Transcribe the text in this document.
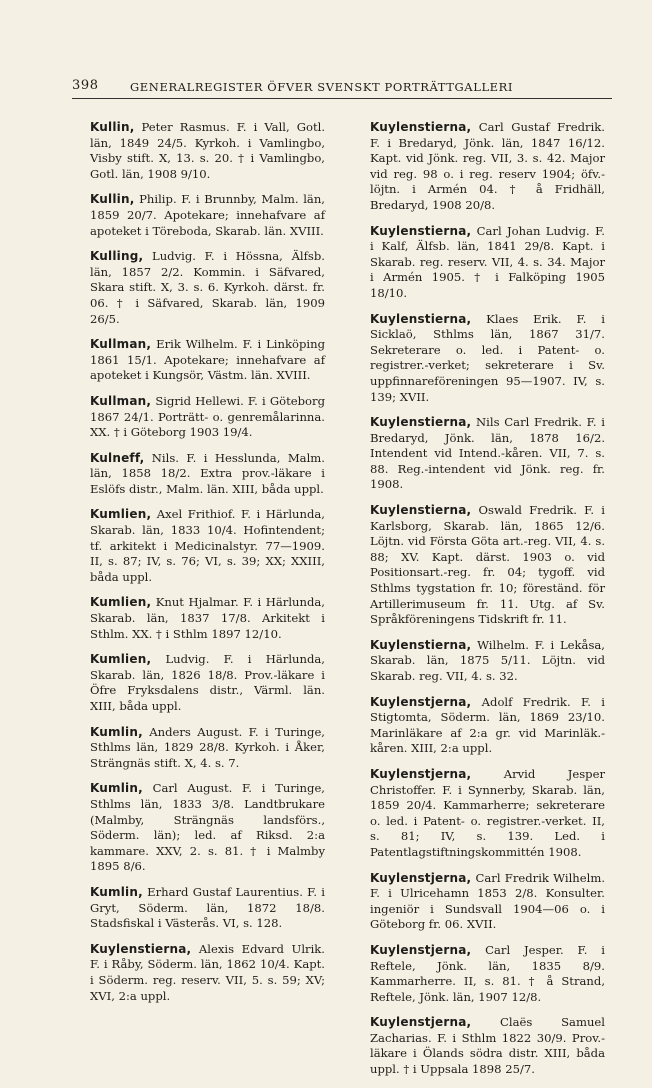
398	GENERALREGISTER ÖFVER SVENSKT PORTRÄTTGALLERI

Kullin, Peter Rasmus. F. i Vall, Gotl. län, 1849 24/5. Kyrkoh. i Vamlingbo, Visby stift. X, 13. s. 20. † i Vamlingbo, Gotl. län, 1908 9/10.

Kullin, Philip. F. i Brunnby, Malm. län, 1859 20/7. Apotekare; innehafvare af apoteket i Töreboda, Skarab. län. XVIII.

Kulling, Ludvig. F. i Hössna, Älfsb. län, 1857 2/2. Kommin. i Säfvared, Skara stift. X, 3. s. 6. Kyrkoh. därst. fr. 06. † i Säfvared, Skarab. län, 1909 26/5.

Kullman, Erik Wilhelm. F. i Linköping 1861 15/1. Apotekare; innehafvare af apoteket i Kungsör, Västm. län. XVIII.

Kullman, Sigrid Hellewi. F. i Göteborg 1867 24/1. Porträtt- o. genremålarinna. XX. † i Göteborg 1903 19/4.

Kulneff, Nils. F. i Hesslunda, Malm. län, 1858 18/2. Extra prov.-läkare i Eslöfs distr., Malm. län. XIII, båda uppl.

Kumlien, Axel Frithiof. F. i Härlunda, Skarab. län, 1833 10/4. Hofintendent; tf. arkitekt i Medicinalstyr. 77—1909. II, s. 87; IV, s. 76; VI, s. 39; XX; XXIII, båda uppl.

Kumlien, Knut Hjalmar. F. i Härlunda, Skarab. län, 1837 17/8. Arkitekt i Sthlm. XX. † i Sthlm 1897 12/10.

Kumlien, Ludvig. F. i Härlunda, Skarab. län, 1826 18/8. Prov.-läkare i Öfre Fryksdalens distr., Värml. län. XIII, båda uppl.

Kumlin, Anders August. F. i Turinge, Sthlms län, 1829 28/8. Kyrkoh. i Åker, Strängnäs stift. X, 4. s. 7.

Kumlin, Carl August. F. i Turinge, Sthlms län, 1833 3/8. Landtbrukare (Malmby, Strängnäs landsförs., Söderm. län); led. af Riksd. 2:a kammare. XXV, 2. s. 81. † i Malmby 1895 8/6.

Kumlin, Erhard Gustaf Laurentius. F. i Gryt, Söderm. län, 1872 18/8. Stadsfiskal i Västerås. VI, s. 128.

Kuylenstierna, Alexis Edvard Ulrik. F. i Råby, Söderm. län, 1862 10/4. Kapt. i Söderm. reg. reserv. VII, 5. s. 59; XV; XVI, 2:a uppl.

Kuylenstierna, Carl Gustaf Fredrik. F. i Bredaryd, Jönk. län, 1847 16/12. Kapt. vid Jönk. reg. VII, 3. s. 42. Major vid reg. 98 o. i reg. reserv 1904; öfv.-löjtn. i Armén 04. † å Fridhäll, Bredaryd, 1908 20/8.

Kuylenstierna, Carl Johan Ludvig. F. i Kalf, Älfsb. län, 1841 29/8. Kapt. i Skarab. reg. reserv. VII, 4. s. 34. Major i Armén 1905. † i Falköping 1905 18/10.

Kuylenstierna, Klaes Erik. F. i Sicklaö, Sthlms län, 1867 31/7. Sekreterare o. led. i Patent- o. registrer.-verket; sekreterare i Sv. uppfinnareföreningen 95—1907. IV, s. 139; XVII.

Kuylenstierna, Nils Carl Fredrik. F. i Bredaryd, Jönk. län, 1878 16/2. Intendent vid Intend.-kåren. VII, 7. s. 88. Reg.-intendent vid Jönk. reg. fr. 1908.

Kuylenstierna, Oswald Fredrik. F. i Karlsborg, Skarab. län, 1865 12/6. Löjtn. vid Första Göta art.-reg. VII, 4. s. 88; XV. Kapt. därst. 1903 o. vid Positionsart.-reg. fr. 04; tygoff. vid Sthlms tygstation fr. 10; föreständ. för Artillerimuseum fr. 11. Utg. af Sv. Språkföreningens Tidskrift fr. 11.

Kuylenstierna, Wilhelm. F. i Lekåsa, Skarab. län, 1875 5/11. Löjtn. vid Skarab. reg. VII, 4. s. 32.

Kuylenstjerna, Adolf Fredrik. F. i Stigtomta, Söderm. län, 1869 23/10. Marinläkare af 2:a gr. vid Marinläk.-kåren. XIII, 2:a uppl.

Kuylenstjerna, Arvid Jesper Christoffer. F. i Synnerby, Skarab. län, 1859 20/4. Kammarherre; sekreterare o. led. i Patent- o. registrer.-verket. II, s. 81; IV, s. 139. Led. i Patentlagstiftningskommittén 1908.

Kuylenstjerna, Carl Fredrik Wilhelm. F. i Ulricehamn 1853 2/8. Konsulter. ingeniör i Sundsvall 1904—06 o. i Göteborg fr. 06. XVII.

Kuylenstjerna, Carl Jesper. F. i Reftele, Jönk. län, 1835 8/9. Kammarherre. II, s. 81. † å Strand, Reftele, Jönk. län, 1907 12/8.

Kuylenstjerna, Claës Samuel Zacharias. F. i Sthlm 1822 30/9. Prov.-läkare i Ölands södra distr. XIII, båda uppl. † i Uppsala 1898 25/7.
